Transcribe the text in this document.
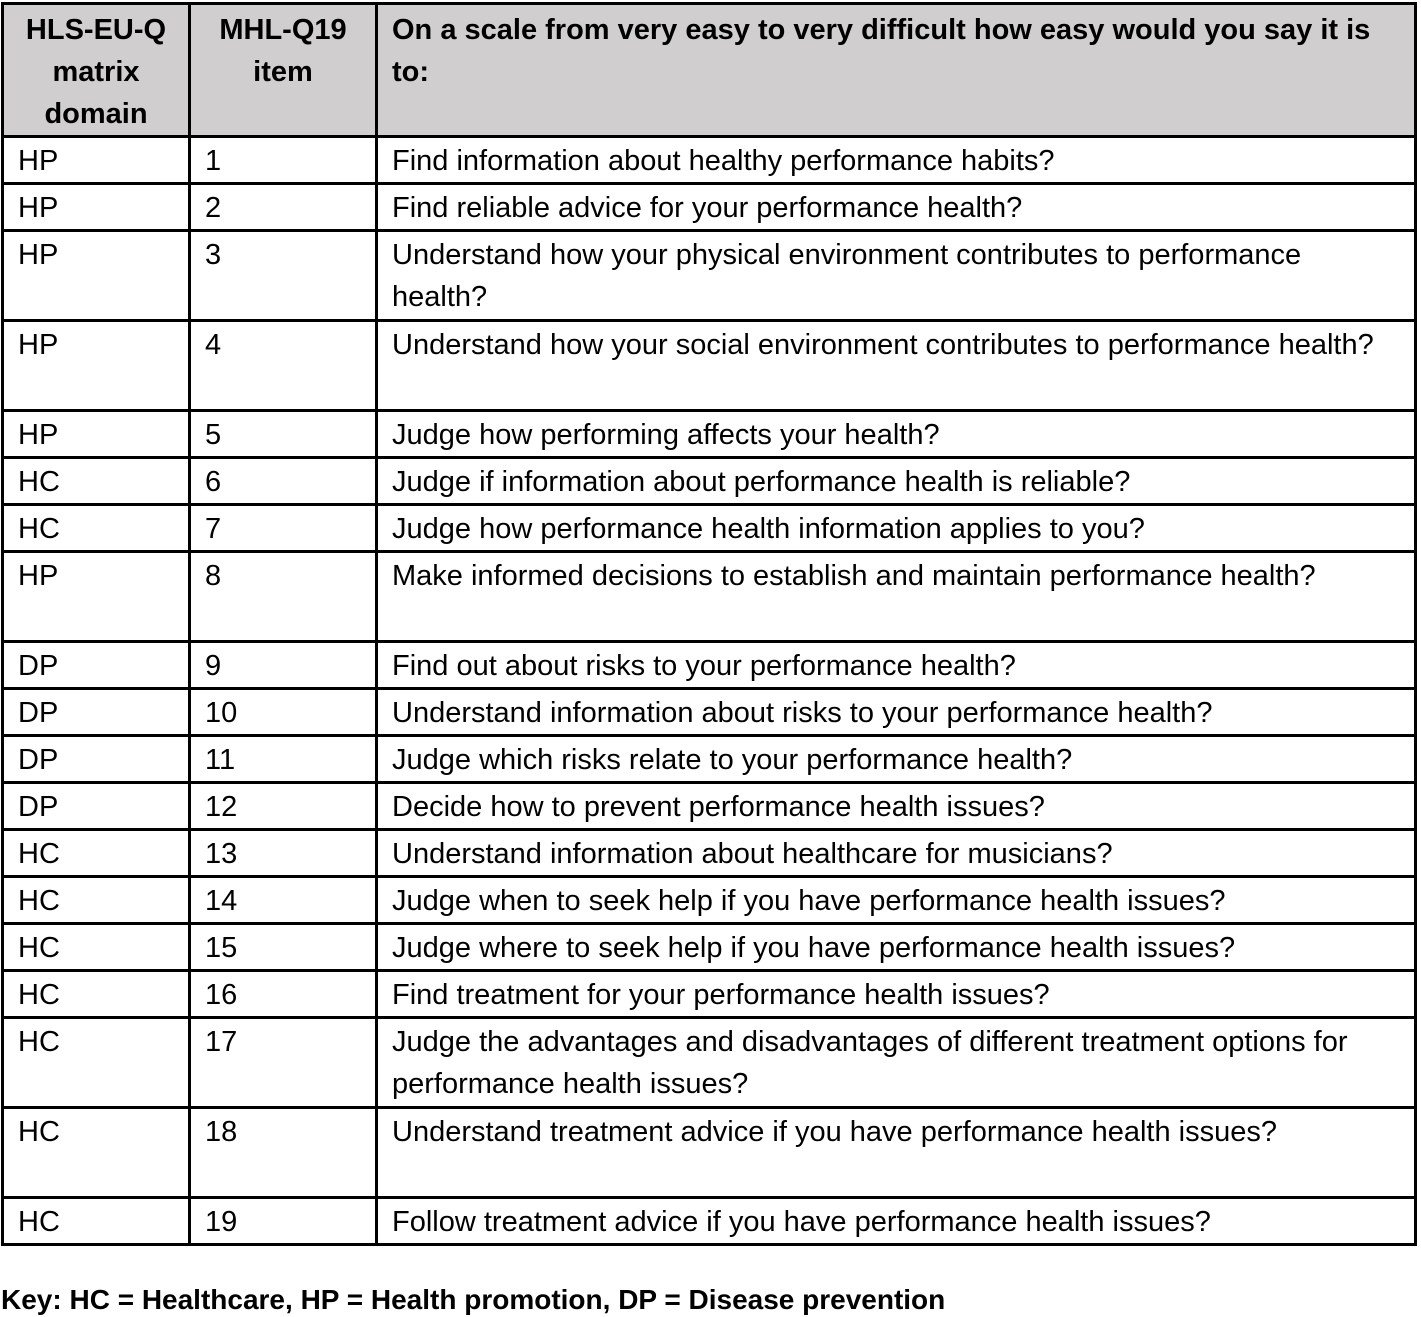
HLS-EU-Q matrix domain	MHL-Q19 item	On a scale from very easy to very difficult how easy would you say it is to:
HP	1	Find information about healthy performance habits?
HP	2	Find reliable advice for your performance health?
HP	3	Understand how your physical environment contributes to performance health?
HP	4	Understand how your social environment contributes to performance health?
HP	5	Judge how performing affects your health?
HC	6	Judge if information about performance health is reliable?
HC	7	Judge how performance health information applies to you?
HP	8	Make informed decisions to establish and maintain performance health?
DP	9	Find out about risks to your performance health?
DP	10	Understand information about risks to your performance health?
DP	11	Judge which risks relate to your performance health?
DP	12	Decide how to prevent performance health issues?
HC	13	Understand information about healthcare for musicians?
HC	14	Judge when to seek help if you have performance health issues?
HC	15	Judge where to seek help if you have performance health issues?
HC	16	Find treatment for your performance health issues?
HC	17	Judge the advantages and disadvantages of different treatment options for performance health issues?
HC	18	Understand treatment advice if you have performance health issues?
HC	19	Follow treatment advice if you have performance health issues?
Key: HC = Healthcare, HP = Health promotion, DP = Disease prevention
